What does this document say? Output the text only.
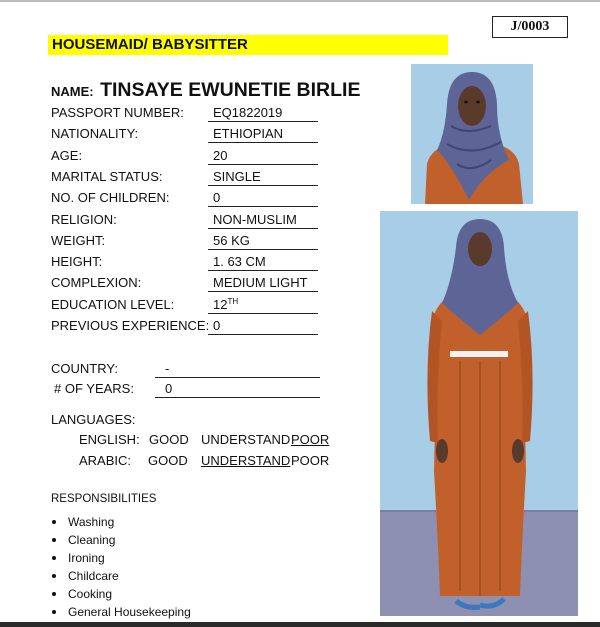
J/0003
HOUSEMAID/ BABYSITTER
NAME: TINSAYE EWUNETIE BIRLIE
PASSPORT NUMBER:	EQ1822019
NATIONALITY:	ETHIOPIAN
AGE:	20
MARITAL STATUS:	SINGLE
NO. OF CHILDREN:	0
RELIGION:	NON-MUSLIM
WEIGHT:	56 KG
HEIGHT:	1. 63 CM
COMPLEXION:	MEDIUM LIGHT
EDUCATION LEVEL:	12TH
PREVIOUS EXPERIENCE: 0
COUNTRY:	-
# OF YEARS:	0
LANGUAGES:
ENGLISH: GOOD UNDERSTAND POOR
ARABIC: GOOD UNDERSTAND POOR
RESPONSIBILITIES
Washing
Cleaning
Ironing
Childcare
Cooking
General Housekeeping
